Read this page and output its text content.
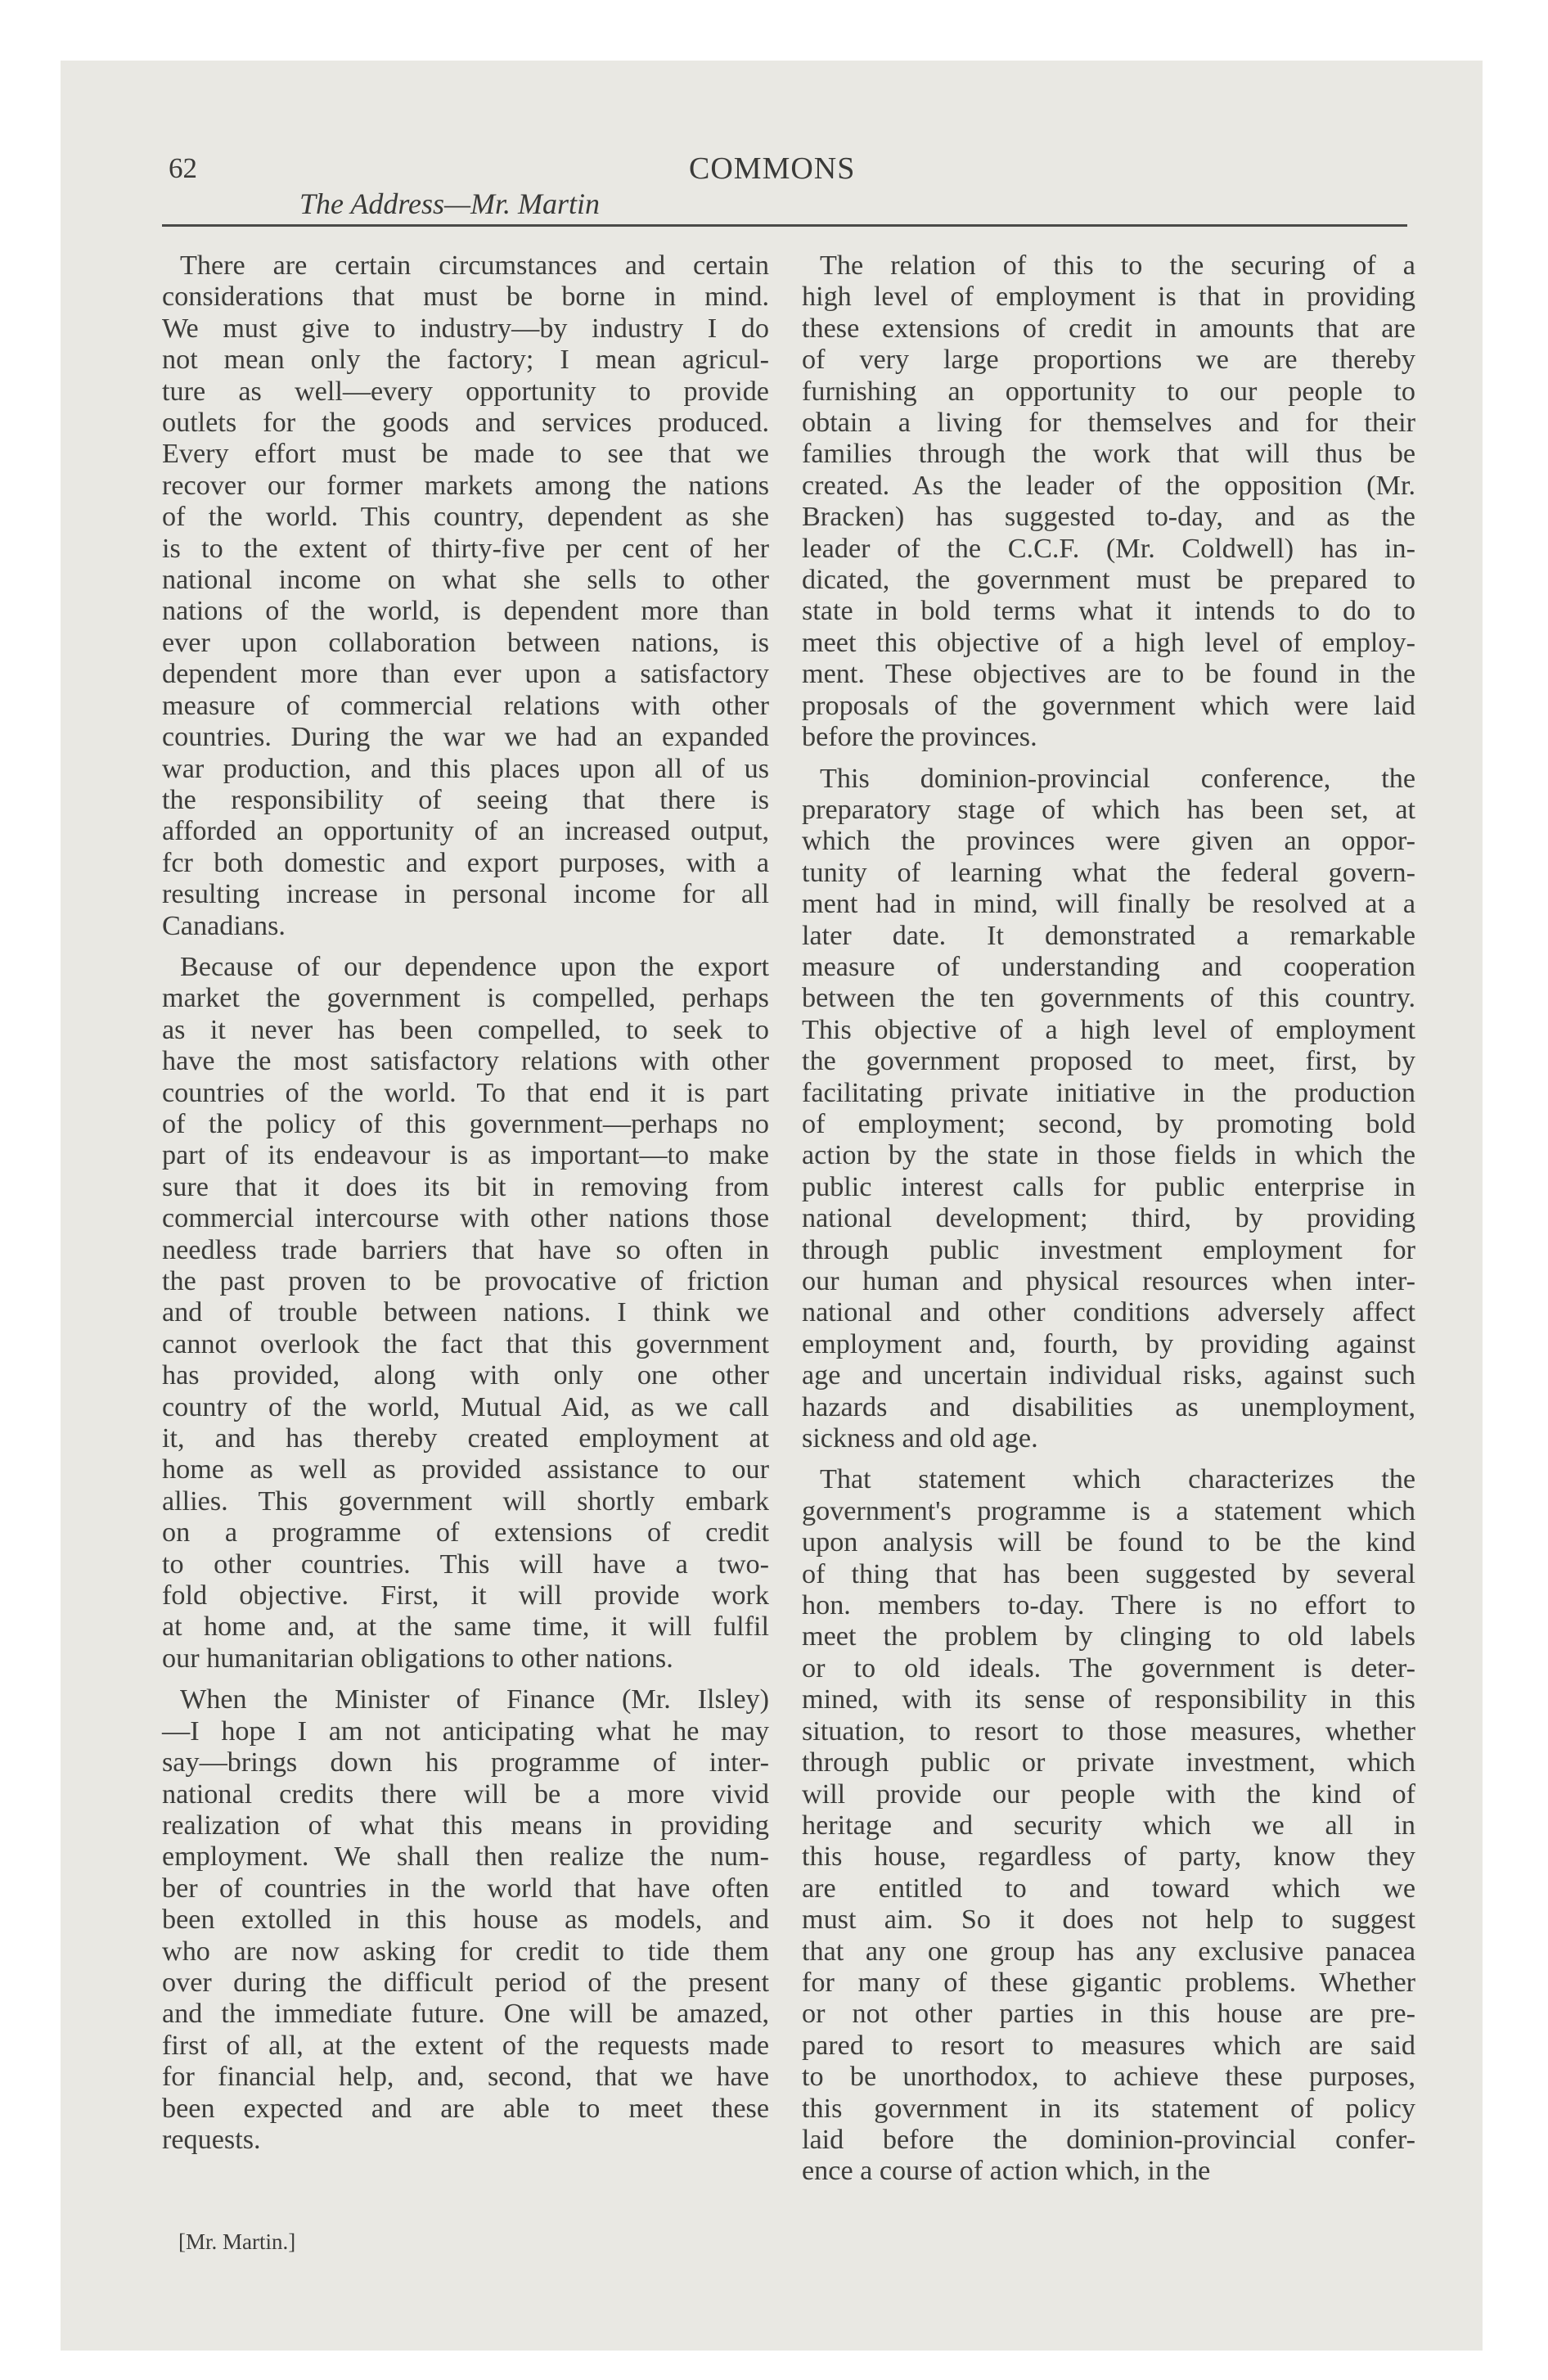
62	COMMONS
The Address—Mr. Martin
There are certain circumstances and certain
considerations that must be borne in mind.
We must give to industry—by industry I do
not mean only the factory; I mean agricul-
ture as well—every opportunity to provide
outlets for the goods and services produced.
Every effort must be made to see that we
recover our former markets among the nations
of the world. This country, dependent as she
is to the extent of thirty-five per cent of her
national income on what she sells to other
nations of the world, is dependent more than
ever upon collaboration between nations, is
dependent more than ever upon a satisfactory
measure of commercial relations with other
countries. During the war we had an expanded
war production, and this places upon all of us
the responsibility of seeing that there is
afforded an opportunity of an increased output,
fcr both domestic and export purposes, with a
resulting increase in personal income for all
Canadians.
Because of our dependence upon the export
market the government is compelled, perhaps
as it never has been compelled, to seek to
have the most satisfactory relations with other
countries of the world. To that end it is part
of the policy of this government—perhaps no
part of its endeavour is as important—to make
sure that it does its bit in removing from
commercial intercourse with other nations those
needless trade barriers that have so often in
the past proven to be provocative of friction
and of trouble between nations. I think we
cannot overlook the fact that this government
has provided, along with only one other
country of the world, Mutual Aid, as we call
it, and has thereby created employment at
home as well as provided assistance to our
allies. This government will shortly embark
on a programme of extensions of credit
to other countries. This will have a two-
fold objective. First, it will provide work
at home and, at the same time, it will fulfil
our humanitarian obligations to other nations.
When the Minister of Finance (Mr. Ilsley)
—I hope I am not anticipating what he may
say—brings down his programme of inter-
national credits there will be a more vivid
realization of what this means in providing
employment. We shall then realize the num-
ber of countries in the world that have often
been extolled in this house as models, and
who are now asking for credit to tide them
over during the difficult period of the present
and the immediate future. One will be amazed,
first of all, at the extent of the requests made
for financial help, and, second, that we have
been expected and are able to meet these
requests.
The relation of this to the securing of a
high level of employment is that in providing
these extensions of credit in amounts that are
of very large proportions we are thereby
furnishing an opportunity to our people to
obtain a living for themselves and for their
families through the work that will thus be
created. As the leader of the opposition (Mr.
Bracken) has suggested to-day, and as the
leader of the C.C.F. (Mr. Coldwell) has in-
dicated, the government must be prepared to
state in bold terms what it intends to do to
meet this objective of a high level of employ-
ment. These objectives are to be found in the
proposals of the government which were laid
before the provinces.
This dominion-provincial conference, the
preparatory stage of which has been set, at
which the provinces were given an oppor-
tunity of learning what the federal govern-
ment had in mind, will finally be resolved at a
later date. It demonstrated a remarkable
measure of understanding and cooperation
between the ten governments of this country.
This objective of a high level of employment
the government proposed to meet, first, by
facilitating private initiative in the production
of employment; second, by promoting bold
action by the state in those fields in which the
public interest calls for public enterprise in
national development; third, by providing
through public investment employment for
our human and physical resources when inter-
national and other conditions adversely affect
employment and, fourth, by providing against
age and uncertain individual risks, against such
hazards and disabilities as unemployment,
sickness and old age.
That statement which characterizes the
government's programme is a statement which
upon analysis will be found to be the kind
of thing that has been suggested by several
hon. members to-day. There is no effort to
meet the problem by clinging to old labels
or to old ideals. The government is deter-
mined, with its sense of responsibility in this
situation, to resort to those measures, whether
through public or private investment, which
will provide our people with the kind of
heritage and security which we all in
this house, regardless of party, know they
are entitled to and toward which we
must aim. So it does not help to suggest
that any one group has any exclusive panacea
for many of these gigantic problems. Whether
or not other parties in this house are pre-
pared to resort to measures which are said
to be unorthodox, to achieve these purposes,
this government in its statement of policy
laid before the dominion-provincial confer-
ence a course of action which, in the
[Mr. Martin.]
